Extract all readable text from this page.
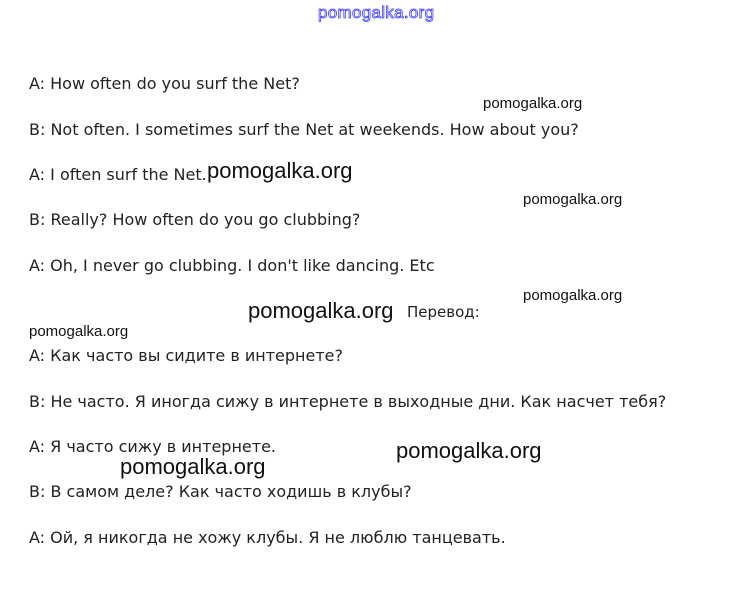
pomogalka.org
A: How often do you surf the Net?
B: Not often. I sometimes surf the Net at weekends. How about you?
A: I often surf the Net.
B: Really? How often do you go clubbing?
A: Oh, I never go clubbing. I don't like dancing. Etc
Перевод:
A: Как часто вы сидите в интернете?
B: Не часто. Я иногда сижу в интернете в выходные дни. Как насчет тебя?
A: Я часто сижу в интернете.
B: В самом деле? Как часто ходишь в клубы?
A: Ой, я никогда не хожу клубы. Я не люблю танцевать.
pomogalka.org
pomogalka.org
pomogalka.org
pomogalka.org
pomogalka.org
pomogalka.org
pomogalka.org
pomogalka.org
